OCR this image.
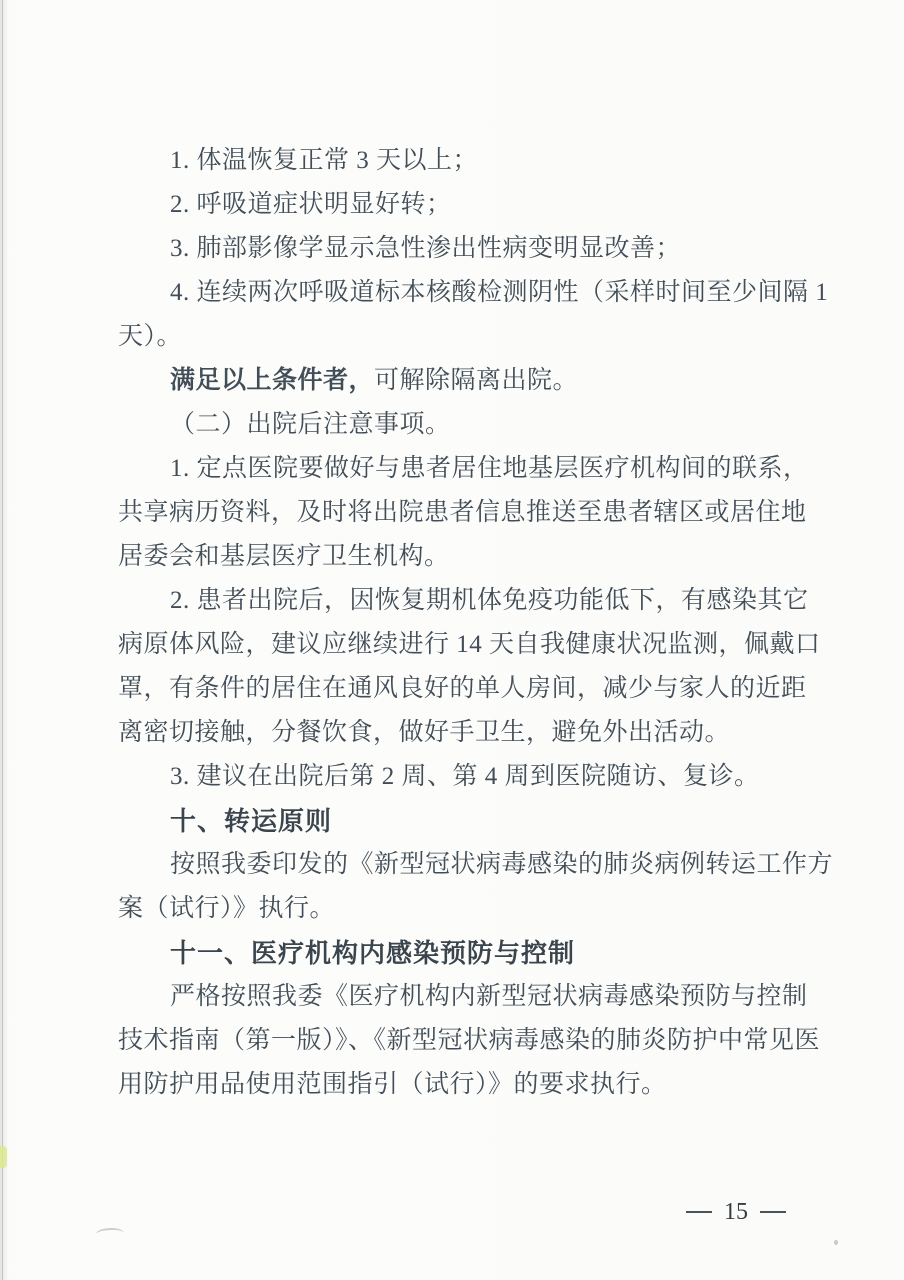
1. 体温恢复正常 3 天以上；
2. 呼吸道症状明显好转；
3. 肺部影像学显示急性渗出性病变明显改善；
4. 连续两次呼吸道标本核酸检测阴性（采样时间至少间隔 1
天）。
满足以上条件者，可解除隔离出院。
（二）出院后注意事项。
1. 定点医院要做好与患者居住地基层医疗机构间的联系，
共享病历资料，及时将出院患者信息推送至患者辖区或居住地
居委会和基层医疗卫生机构。
2. 患者出院后，因恢复期机体免疫功能低下，有感染其它
病原体风险，建议应继续进行 14 天自我健康状况监测，佩戴口
罩，有条件的居住在通风良好的单人房间，减少与家人的近距
离密切接触，分餐饮食，做好手卫生，避免外出活动。
3. 建议在出院后第 2 周、第 4 周到医院随访、复诊。
十、转运原则
按照我委印发的《新型冠状病毒感染的肺炎病例转运工作方
案（试行）》执行。
十一、医疗机构内感染预防与控制
严格按照我委《医疗机构内新型冠状病毒感染预防与控制
技术指南（第一版）》、《新型冠状病毒感染的肺炎防护中常见医
用防护用品使用范围指引（试行）》的要求执行。
15
